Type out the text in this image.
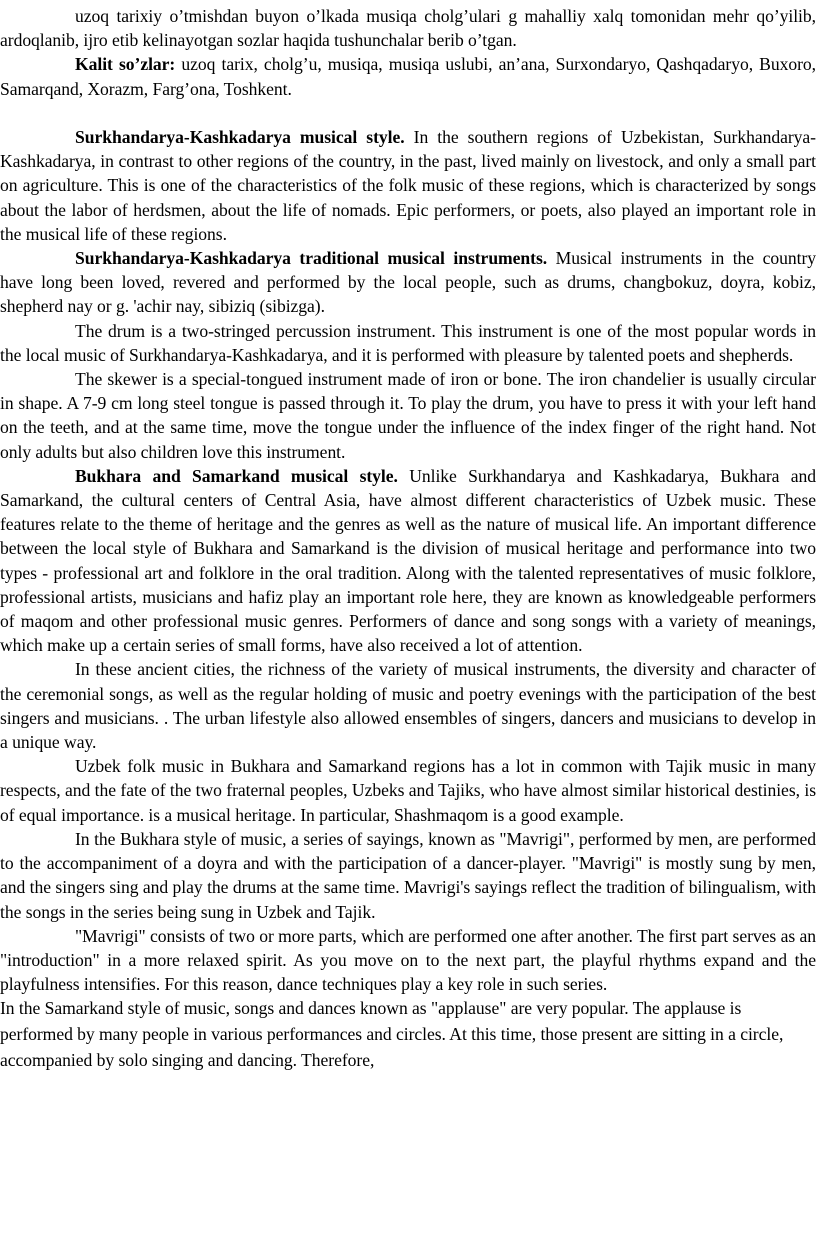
uzoq tarixiy o’tmishdan buyon o’lkada musiqa cholg’ulari g mahalliy xalq tomonidan mehr qo’yilib, ardoqlanib, ijro etib kelinayotgan sozlar haqida tushunchalar berib o’tgan.

Kalit so’zlar: uzoq tarix, cholg’u, musiqa, musiqa uslubi, an’ana, Surxondaryo, Qashqadaryo, Buxoro, Samarqand, Xorazm, Farg’ona, Toshkent.

Surkhandarya-Kashkadarya musical style. In the southern regions of Uzbekistan, Surkhandarya-Kashkadarya, in contrast to other regions of the country, in the past, lived mainly on livestock, and only a small part on agriculture. This is one of the characteristics of the folk music of these regions, which is characterized by songs about the labor of herdsmen, about the life of nomads. Epic performers, or poets, also played an important role in the musical life of these regions.

Surkhandarya-Kashkadarya traditional musical instruments. Musical instruments in the country have long been loved, revered and performed by the local people, such as drums, changbokuz, doyra, kobiz, shepherd nay or g. 'achir nay, sibiziq (sibizga).

The drum is a two-stringed percussion instrument. This instrument is one of the most popular words in the local music of Surkhandarya-Kashkadarya, and it is performed with pleasure by talented poets and shepherds.

The skewer is a special-tongued instrument made of iron or bone. The iron chandelier is usually circular in shape. A 7-9 cm long steel tongue is passed through it. To play the drum, you have to press it with your left hand on the teeth, and at the same time, move the tongue under the influence of the index finger of the right hand. Not only adults but also children love this instrument.

Bukhara and Samarkand musical style. Unlike Surkhandarya and Kashkadarya, Bukhara and Samarkand, the cultural centers of Central Asia, have almost different characteristics of Uzbek music. These features relate to the theme of heritage and the genres as well as the nature of musical life. An important difference between the local style of Bukhara and Samarkand is the division of musical heritage and performance into two types - professional art and folklore in the oral tradition. Along with the talented representatives of music folklore, professional artists, musicians and hafiz play an important role here, they are known as knowledgeable performers of maqom and other professional music genres. Performers of dance and song songs with a variety of meanings, which make up a certain series of small forms, have also received a lot of attention.

In these ancient cities, the richness of the variety of musical instruments, the diversity and character of the ceremonial songs, as well as the regular holding of music and poetry evenings with the participation of the best singers and musicians. . The urban lifestyle also allowed ensembles of singers, dancers and musicians to develop in a unique way.

Uzbek folk music in Bukhara and Samarkand regions has a lot in common with Tajik music in many respects, and the fate of the two fraternal peoples, Uzbeks and Tajiks, who have almost similar historical destinies, is of equal importance. is a musical heritage. In particular, Shashmaqom is a good example.

In the Bukhara style of music, a series of sayings, known as "Mavrigi", performed by men, are performed to the accompaniment of a doyra and with the participation of a dancer-player. "Mavrigi" is mostly sung by men, and the singers sing and play the drums at the same time. Mavrigi's sayings reflect the tradition of bilingualism, with the songs in the series being sung in Uzbek and Tajik.

"Mavrigi" consists of two or more parts, which are performed one after another. The first part serves as an "introduction" in a more relaxed spirit. As you move on to the next part, the playful rhythms expand and the playfulness intensifies. For this reason, dance techniques play a key role in such series.

In the Samarkand style of music, songs and dances known as "applause" are very popular. The applause is performed by many people in various performances and circles. At this time, those present are sitting in a circle, accompanied by solo singing and dancing. Therefore,
